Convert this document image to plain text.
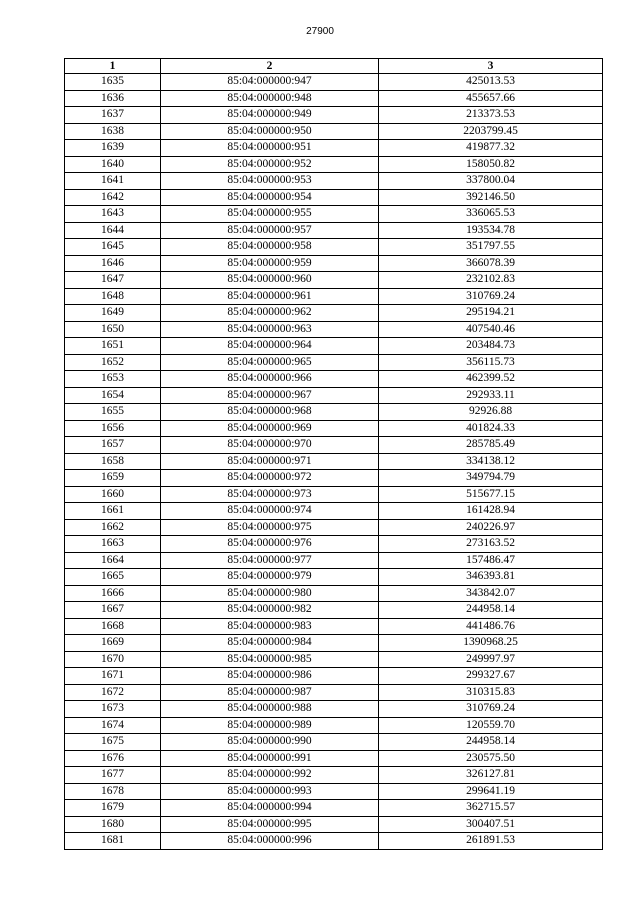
27900
1	2	3
1635	85:04:000000:947	425013.53
1636	85:04:000000:948	455657.66
1637	85:04:000000:949	213373.53
1638	85:04:000000:950	2203799.45
1639	85:04:000000:951	419877.32
1640	85:04:000000:952	158050.82
1641	85:04:000000:953	337800.04
1642	85:04:000000:954	392146.50
1643	85:04:000000:955	336065.53
1644	85:04:000000:957	193534.78
1645	85:04:000000:958	351797.55
1646	85:04:000000:959	366078.39
1647	85:04:000000:960	232102.83
1648	85:04:000000:961	310769.24
1649	85:04:000000:962	295194.21
1650	85:04:000000:963	407540.46
1651	85:04:000000:964	203484.73
1652	85:04:000000:965	356115.73
1653	85:04:000000:966	462399.52
1654	85:04:000000:967	292933.11
1655	85:04:000000:968	92926.88
1656	85:04:000000:969	401824.33
1657	85:04:000000:970	285785.49
1658	85:04:000000:971	334138.12
1659	85:04:000000:972	349794.79
1660	85:04:000000:973	515677.15
1661	85:04:000000:974	161428.94
1662	85:04:000000:975	240226.97
1663	85:04:000000:976	273163.52
1664	85:04:000000:977	157486.47
1665	85:04:000000:979	346393.81
1666	85:04:000000:980	343842.07
1667	85:04:000000:982	244958.14
1668	85:04:000000:983	441486.76
1669	85:04:000000:984	1390968.25
1670	85:04:000000:985	249997.97
1671	85:04:000000:986	299327.67
1672	85:04:000000:987	310315.83
1673	85:04:000000:988	310769.24
1674	85:04:000000:989	120559.70
1675	85:04:000000:990	244958.14
1676	85:04:000000:991	230575.50
1677	85:04:000000:992	326127.81
1678	85:04:000000:993	299641.19
1679	85:04:000000:994	362715.57
1680	85:04:000000:995	300407.51
1681	85:04:000000:996	261891.53
